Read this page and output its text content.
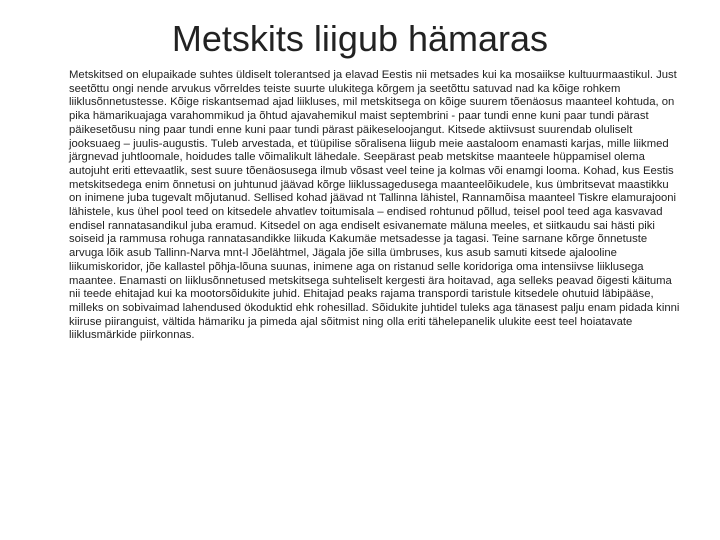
Metskits liigub hämaras

Metskitsed on elupaikade suhtes üldiselt tolerantsed ja elavad Eestis nii metsades kui ka mosaiikse kultuurmaastikul. Just seetõttu ongi nende arvukus võrreldes teiste suurte ulukitega kõrgem ja seetõttu satuvad nad ka kõige rohkem liiklusõnnetustesse. Kõige riskantsemad ajad liikluses, mil metskitsega on kõige suurem tõenäosus maanteel kohtuda, on pika hämarikuajaga varahommikud ja õhtud ajavahemikul maist septembrini - paar tundi enne kuni paar tundi pärast päikesetõusu ning paar tundi enne kuni paar tundi pärast päikeseloojangut. Kitsede aktiivsust suurendab oluliselt jooksuaeg – juulis-augustis. Tuleb arvestada, et tüüpilise sõralisena liigub meie aastaloom enamasti karjas, mille liikmed järgnevad juhtloomale, hoidudes talle võimalikult lähedale. Seepärast peab metskitse maanteele hüppamisel olema autojuht eriti ettevaatlik, sest suure tõenäosusega ilmub võsast veel teine ja kolmas või enamgi looma. Kohad, kus Eestis metskitsedega enim õnnetusi on juhtunud jäävad kõrge liiklussagedusega maanteelõikudele, kus ümbritsevat maastikku on inimene juba tugevalt mõjutanud. Sellised kohad jäävad nt Tallinna lähistel, Rannamõisa maanteel Tiskre elamurajooni lähistele, kus ühel pool teed on kitsedele ahvatlev toitumisala – endised rohtunud põllud, teisel pool teed aga kasvavad endisel rannatasandikul juba eramud. Kitsedel on aga endiselt esivanemate mäluna meeles, et siitkaudu sai hästi piki soiseid ja rammusa rohuga rannatasandikke liikuda Kakumäe metsadesse ja tagasi. Teine sarnane kõrge õnnetuste arvuga lõik asub Tallinn-Narva mnt-l Jõelähtmel, Jägala jõe silla ümbruses, kus asub samuti kitsede ajalooline liikumiskoridor, jõe kallastel põhja-lõuna suunas, inimene aga on ristanud selle koridoriga oma intensiivse liiklusega maantee. Enamasti on liiklusõnnetused metskitsega suhteliselt kergesti ära hoitavad, aga selleks peavad õigesti käituma nii teede ehitajad kui ka mootorsõidukite juhid. Ehitajad peaks rajama transpordi taristule kitsedele ohutuid läbipääse, milleks on sobivaimad lahendused ökoduktid ehk rohesillad. Sõidukite juhtidel tuleks aga tänasest palju enam pidada kinni kiiruse piiranguist, vältida hämariku ja pimeda ajal sõitmist ning olla eriti tähelepanelik ulukite eest teel hoiatavate liiklusmärkide piirkonnas.
